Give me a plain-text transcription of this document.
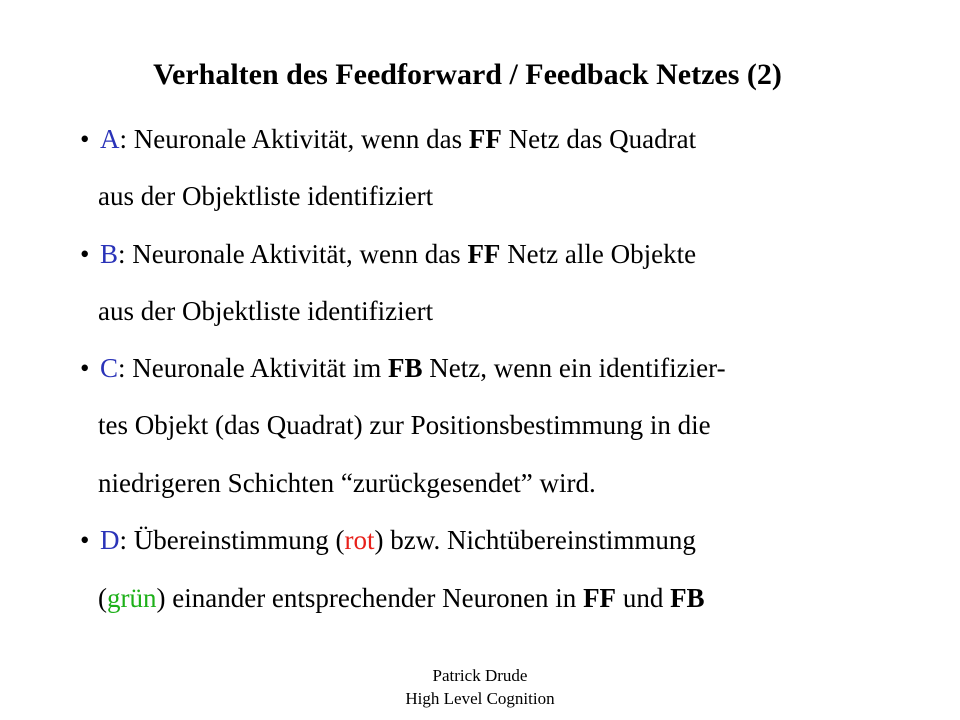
Verhalten des Feedforward / Feedback Netzes (2)
• A: Neuronale Aktivität, wenn das FF Netz das Quadrat
aus der Objektliste identifiziert
• B: Neuronale Aktivität, wenn das FF Netz alle Objekte
aus der Objektliste identifiziert
• C: Neuronale Aktivität im FB Netz, wenn ein identifizier-
tes Objekt (das Quadrat) zur Positionsbestimmung in die
niedrigeren Schichten “zurückgesendet” wird.
• D: Übereinstimmung (rot) bzw. Nichtübereinstimmung
(grün) einander entsprechender Neuronen in FF und FB
Patrick Drude
High Level Cognition
